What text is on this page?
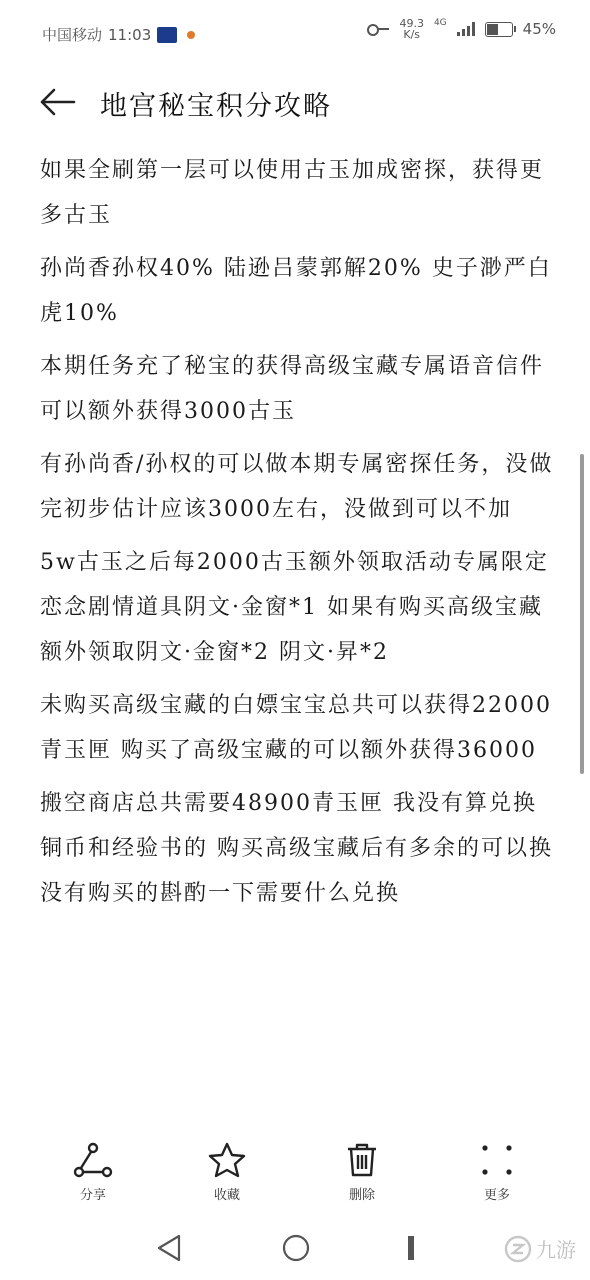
中国移动 11:03
49.3
K/s
4G	45%
地宫秘宝积分攻略

如果全刷第一层可以使用古玉加成密探，获得更多古玉

孙尚香孙权40% 陆逊吕蒙郭解20% 史子渺严白虎10%

本期任务充了秘宝的获得高级宝藏专属语音信件可以额外获得3000古玉

有孙尚香/孙权的可以做本期专属密探任务，没做完初步估计应该3000左右，没做到可以不加

5w古玉之后每2000古玉额外领取活动专属限定恋念剧情道具阴文·金窗*1 如果有购买高级宝藏额外领取阴文·金窗*2 阴文·昇*2

未购买高级宝藏的白嫖宝宝总共可以获得22000青玉匣 购买了高级宝藏的可以额外获得36000

搬空商店总共需要48900青玉匣 我没有算兑换铜币和经验书的 购买高级宝藏后有多余的可以换 没有购买的斟酌一下需要什么兑换

分享	收藏	删除	更多
九游
